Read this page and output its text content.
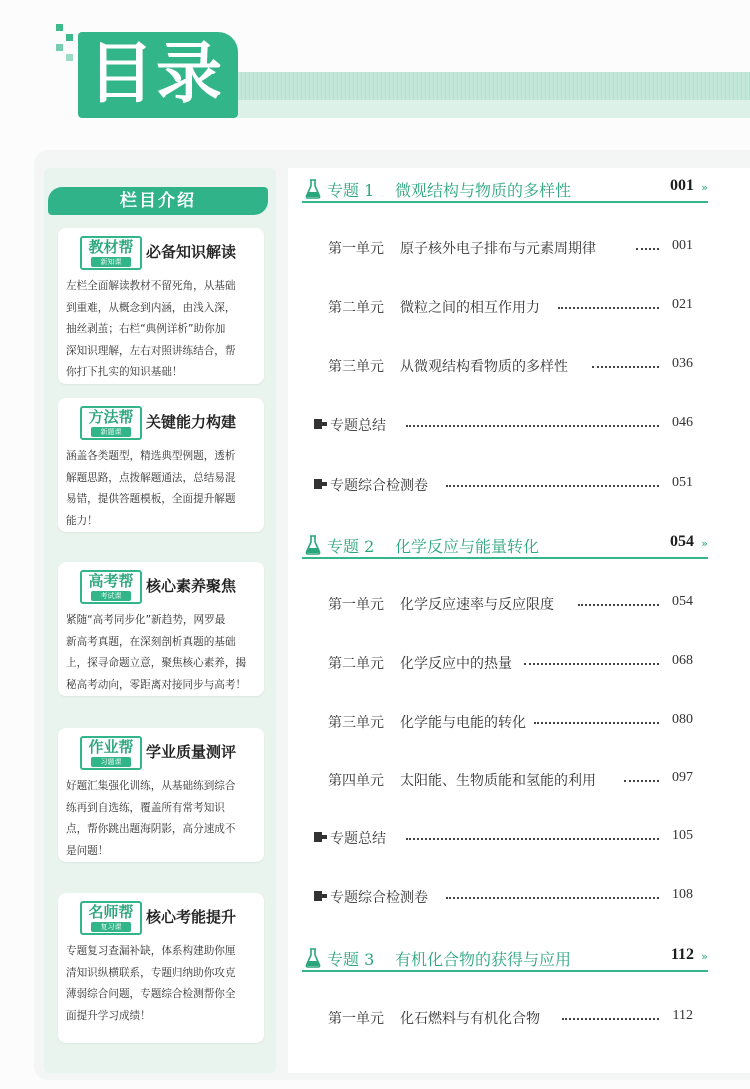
目录
栏目介绍
教材帮
新知课
必备知识解读
左栏全面解读教材不留死角，从基础
到重难，从概念到内涵，由浅入深，
抽丝剥茧；右栏“典例详析”助你加
深知识理解，左右对照讲练结合，帮
你打下扎实的知识基础！
方法帮
新题课
关键能力构建
涵盖各类题型，精选典型例题，透析
解题思路，点拨解题通法，总结易混
易错，提供答题模板，全面提升解题
能力！
高考帮
考试课
核心素养聚焦
紧随“高考同步化”新趋势，网罗最
新高考真题，在深刻剖析真题的基础
上，探寻命题立意，聚焦核心素养，揭
秘高考动向，零距离对接同步与高考！
作业帮
习题课
学业质量测评
好题汇集强化训练，从基础练到综合
练再到自选练，覆盖所有常考知识
点，帮你跳出题海阴影，高分速成不
是问题！
名师帮
复习课
核心考能提升
专题复习查漏补缺，体系构建助你厘
清知识纵横联系，专题归纳助你攻克
薄弱综合问题，专题综合检测帮你全
面提升学习成绩！
专题 1 微观结构与物质的多样性	001 »
第一单元 原子核外电子排布与元素周期律	001
第二单元 微粒之间的相互作用力	021
第三单元 从微观结构看物质的多样性	036
专题总结	046
专题综合检测卷	051
专题 2 化学反应与能量转化	054 »
第一单元 化学反应速率与反应限度	054
第二单元 化学反应中的热量	068
第三单元 化学能与电能的转化	080
第四单元 太阳能、生物质能和氢能的利用	097
专题总结	105
专题综合检测卷	108
专题 3 有机化合物的获得与应用	112 »
第一单元 化石燃料与有机化合物	112
